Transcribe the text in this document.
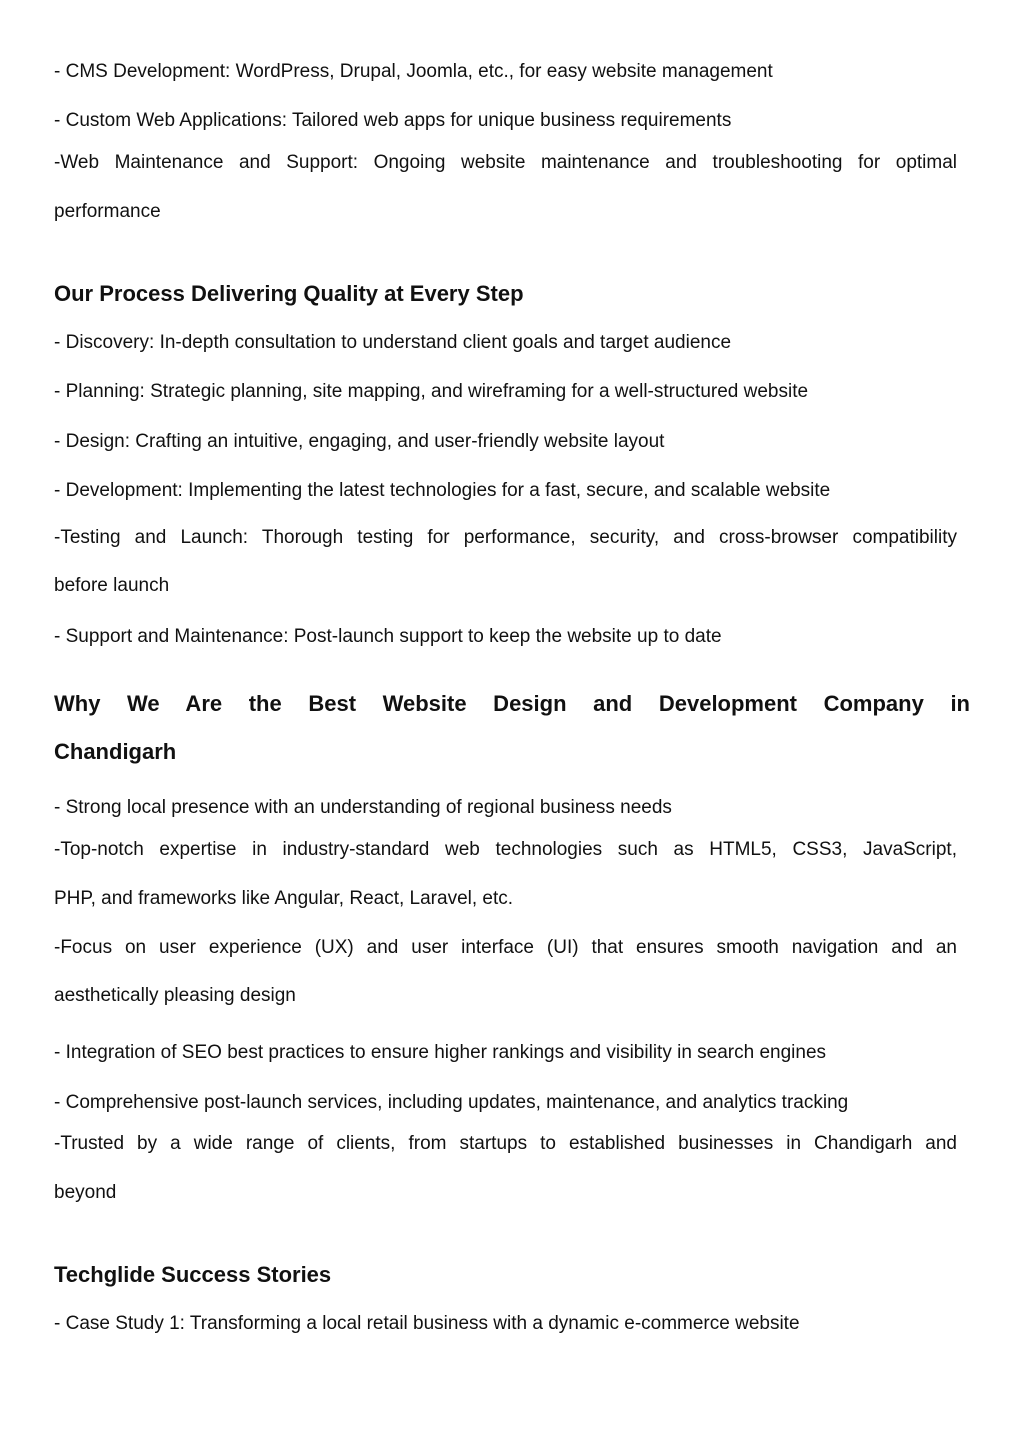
- CMS Development: WordPress, Drupal, Joomla, etc., for easy website management

- Custom Web Applications: Tailored web apps for unique business requirements

-Web Maintenance and Support: Ongoing website maintenance and troubleshooting for optimal

performance

Our Process Delivering Quality at Every Step

- Discovery: In-depth consultation to understand client goals and target audience

- Planning: Strategic planning, site mapping, and wireframing for a well-structured website

- Design: Crafting an intuitive, engaging, and user-friendly website layout

- Development: Implementing the latest technologies for a fast, secure, and scalable website

-Testing and Launch: Thorough testing for performance, security, and cross-browser compatibility

before launch

- Support and Maintenance: Post-launch support to keep the website up to date

Why We Are the Best Website Design and Development Company in
Chandigarh

- Strong local presence with an understanding of regional business needs

-Top-notch expertise in industry-standard web technologies such as HTML5, CSS3, JavaScript,

PHP, and frameworks like Angular, React, Laravel, etc.

-Focus on user experience (UX) and user interface (UI) that ensures smooth navigation and an

aesthetically pleasing design

- Integration of SEO best practices to ensure higher rankings and visibility in search engines

- Comprehensive post-launch services, including updates, maintenance, and analytics tracking

-Trusted by a wide range of clients, from startups to established businesses in Chandigarh and

beyond

Techglide Success Stories

- Case Study 1: Transforming a local retail business with a dynamic e-commerce website
